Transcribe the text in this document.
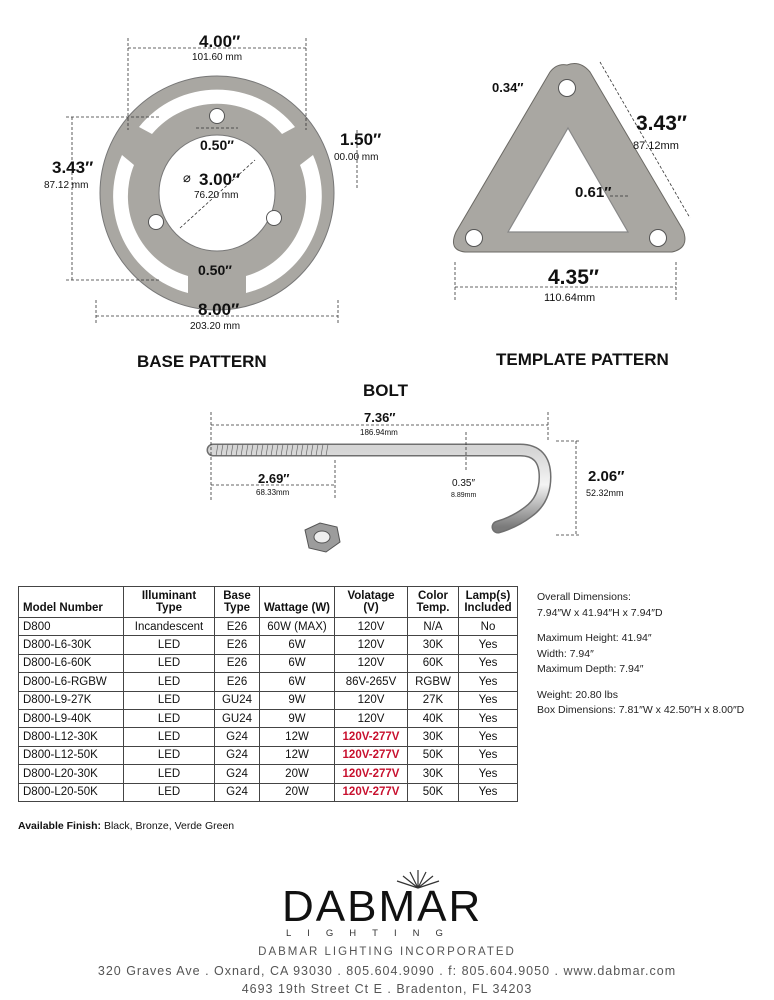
4.00″
101.60 mm
1.50″
00.00 mm
3.43″
87.12 mm
0.50″
⌀ 3.00″
76.20 mm
0.50″
8.00″
203.20 mm
BASE PATTERN
0.34″
3.43″
87.12mm
0.61″
4.35″
110.64mm
TEMPLATE PATTERN
BOLT
7.36″
186.94mm
2.69″
68.33mm
0.35″
8.89mm
2.06″
52.32mm
Model Number	Illuminant Type	Base Type	Wattage (W)	Volatage (V)	Color Temp.	Lamp(s) Included
D800	Incandescent	E26	60W (MAX)	120V	N/A	No
D800-L6-30K	LED	E26	6W	120V	30K	Yes
D800-L6-60K	LED	E26	6W	120V	60K	Yes
D800-L6-RGBW	LED	E26	6W	86V-265V	RGBW	Yes
D800-L9-27K	LED	GU24	9W	120V	27K	Yes
D800-L9-40K	LED	GU24	9W	120V	40K	Yes
D800-L12-30K	LED	G24	12W	120V-277V	30K	Yes
D800-L12-50K	LED	G24	12W	120V-277V	50K	Yes
D800-L20-30K	LED	G24	20W	120V-277V	30K	Yes
D800-L20-50K	LED	G24	20W	120V-277V	50K	Yes
Available Finish: Black, Bronze, Verde Green

Overall Dimensions:

7.94″W x 41.94″H x 7.94″D

Maximum Height: 41.94″

Width: 7.94″

Maximum Depth: 7.94″

Weight: 20.80 lbs

Box Dimensions: 7.81″W x 42.50″H x 8.00″D

DABMAR
LIGHTING
DABMAR LIGHTING INCORPORATED
320 Graves Ave . Oxnard, CA 93030 . 805.604.9090 . f: 805.604.9050 . www.dabmar.com
4693 19th Street Ct E . Bradenton, FL 34203
